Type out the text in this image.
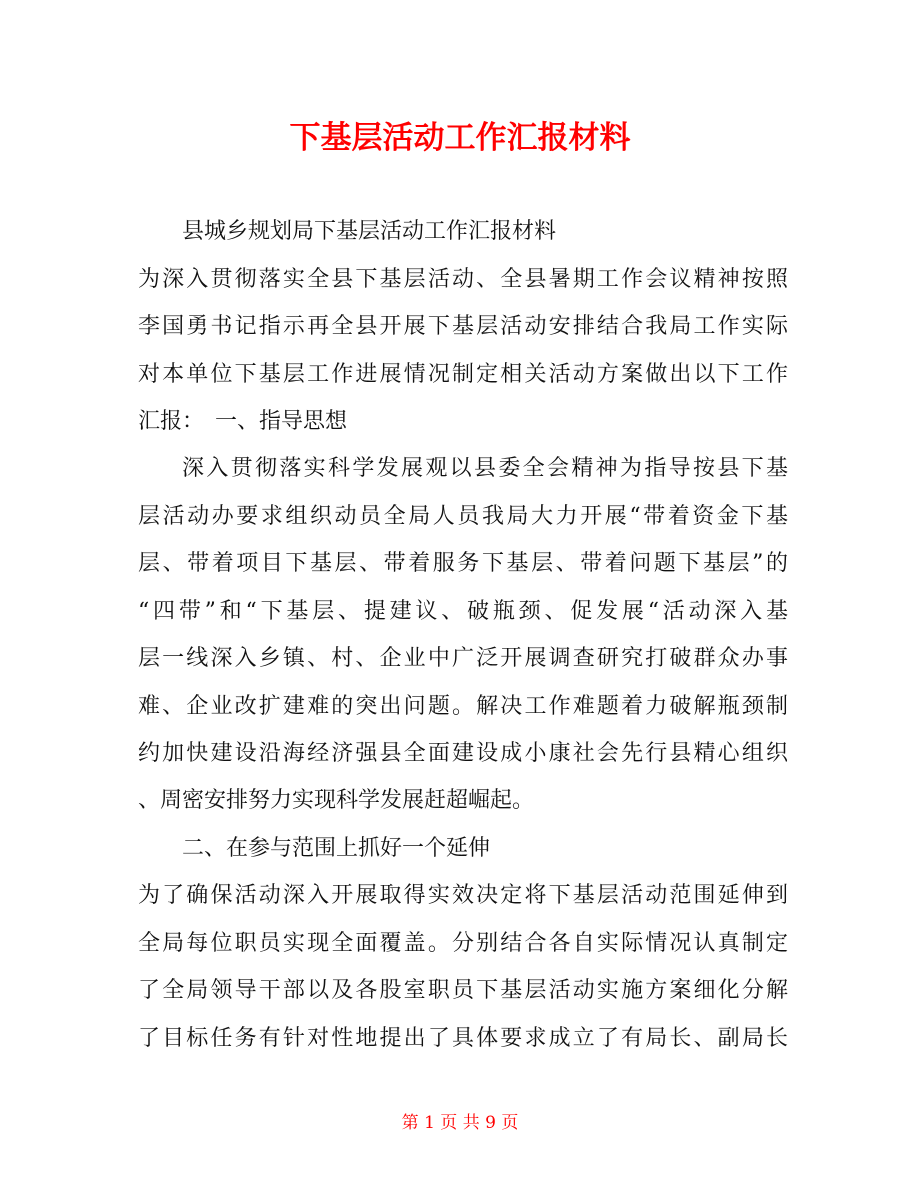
下基层活动工作汇报材料
县城乡规划局下基层活动工作汇报材料
为深入贯彻落实全县下基层活动、全县暑期工作会议精神按照
李国勇书记指示再全县开展下基层活动安排结合我局工作实际
对本单位下基层工作进展情况制定相关活动方案做出以下工作
汇报：　一、指导思想
深入贯彻落实科学发展观以县委全会精神为指导按县下基
层活动办要求组织动员全局人员我局大力开展“带着资金下基
层、带着项目下基层、带着服务下基层、带着问题下基层”的
“四带”和“下基层、提建议、破瓶颈、促发展“活动深入基
层一线深入乡镇、村、企业中广泛开展调查研究打破群众办事
难、企业改扩建难的突出问题。解决工作难题着力破解瓶颈制
约加快建设沿海经济强县全面建设成小康社会先行县精心组织
、周密安排努力实现科学发展赶超崛起。
二、在参与范围上抓好一个延伸
为了确保活动深入开展取得实效决定将下基层活动范围延伸到
全局每位职员实现全面覆盖。分别结合各自实际情况认真制定
了全局领导干部以及各股室职员下基层活动实施方案细化分解
了目标任务有针对性地提出了具体要求成立了有局长、副局长
第 1 页 共 9 页
